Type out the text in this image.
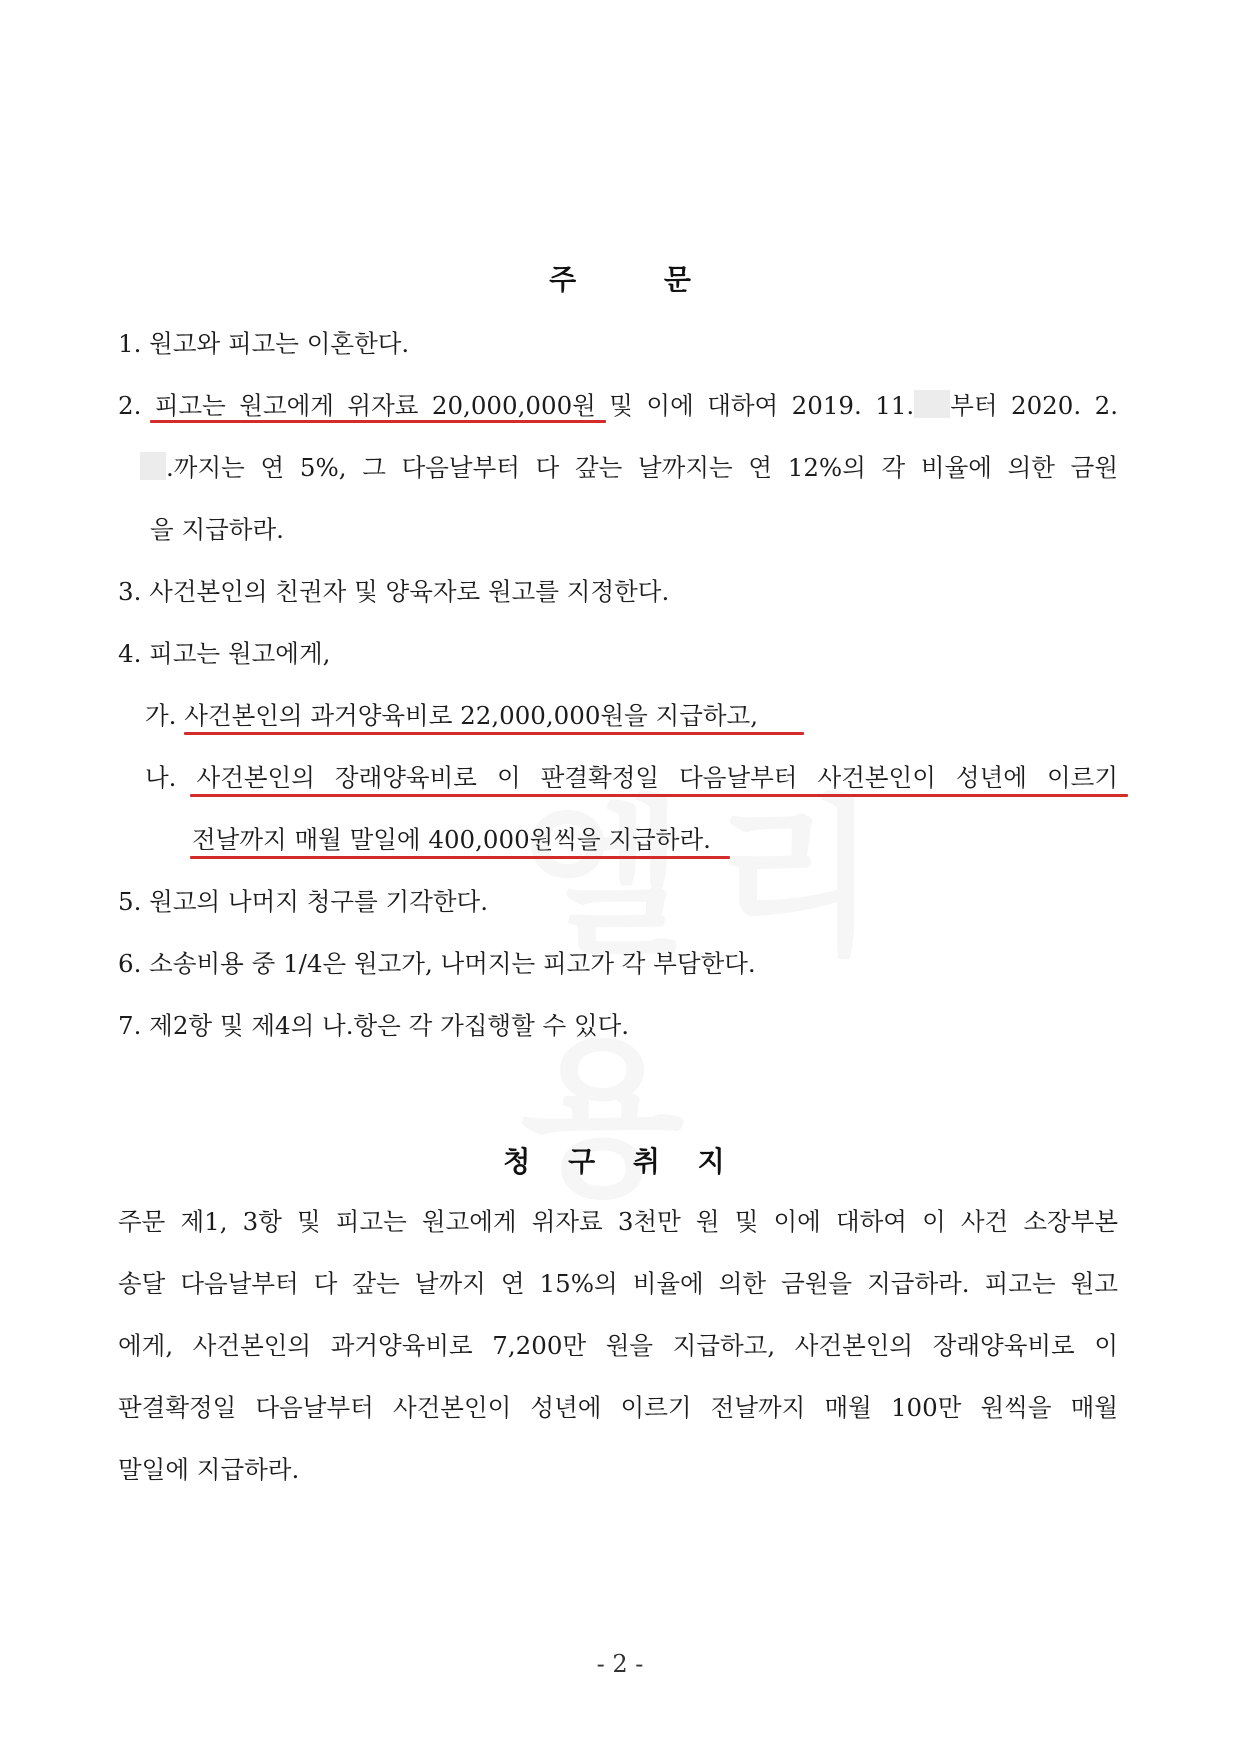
주 문
1. 원고와 피고는 이혼한다.
2. 피고는 원고에게 위자료 20,000,000원 및 이에 대하여 2019. 11. 부터 2020. 2.
.까지는 연 5%, 그 다음날부터 다 갚는 날까지는 연 12%의 각 비율에 의한 금원
을 지급하라.
3. 사건본인의 친권자 및 양육자로 원고를 지정한다.
4. 피고는 원고에게,
가. 사건본인의 과거양육비로 22,000,000원을 지급하고,
나. 사건본인의 장래양육비로 이 판결확정일 다음날부터 사건본인이 성년에 이르기
전날까지 매월 말일에 400,000원씩을 지급하라.
5. 원고의 나머지 청구를 기각한다.
6. 소송비용 중 1/4은 원고가, 나머지는 피고가 각 부담한다.
7. 제2항 및 제4의 나.항은 각 가집행할 수 있다.
청 구 취 지
주문 제1, 3항 및 피고는 원고에게 위자료 3천만 원 및 이에 대하여 이 사건 소장부본
송달 다음날부터 다 갚는 날까지 연 15%의 비율에 의한 금원을 지급하라. 피고는 원고
에게, 사건본인의 과거양육비로 7,200만 원을 지급하고, 사건본인의 장래양육비로 이
판결확정일 다음날부터 사건본인이 성년에 이르기 전날까지 매월 100만 원씩을 매월
말일에 지급하라.
- 2 -
